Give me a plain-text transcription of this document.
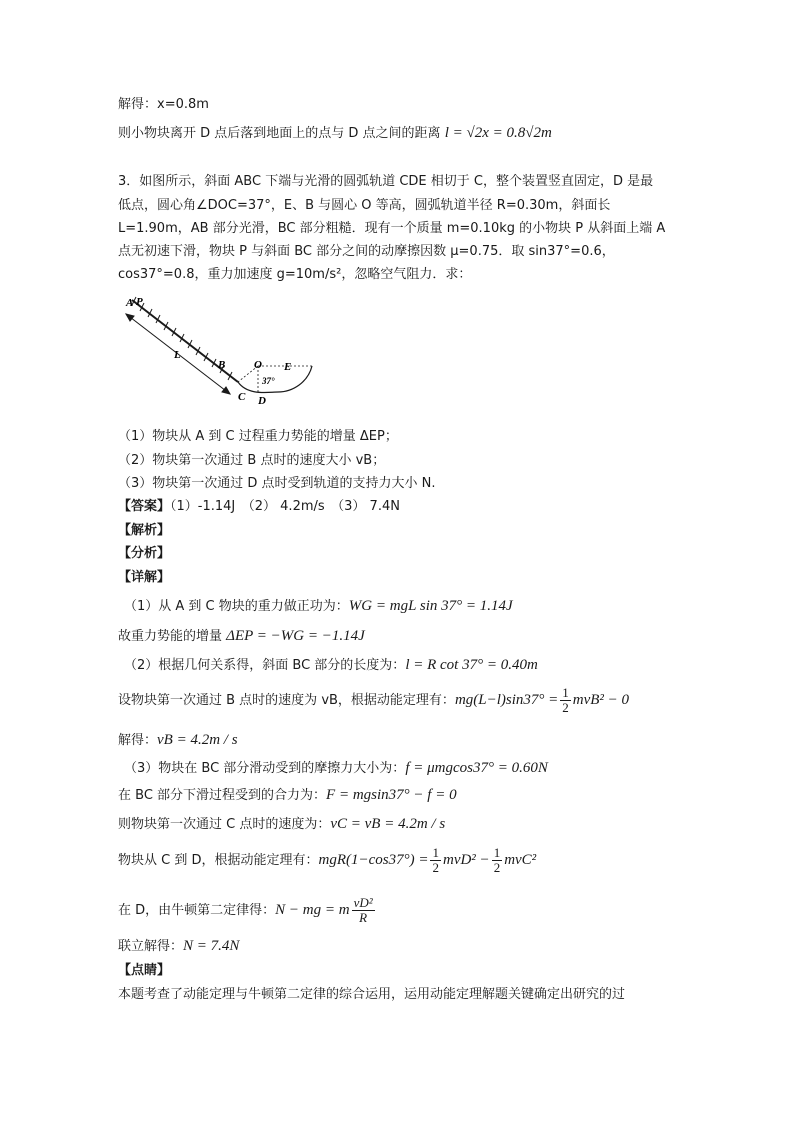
解得：x=0.8m
则小物块离开 D 点后落到地面上的点与 D 点之间的距离 l = √2x = 0.8√2m
3．如图所示，斜面 ABC 下端与光滑的圆弧轨道 CDE 相切于 C，整个装置竖直固定，D 是最
低点，圆心角∠DOC=37°，E、B 与圆心 O 等高，圆弧轨道半径 R=0.30m，斜面长
L=1.90m，AB 部分光滑，BC 部分粗糙．现有一个质量 m=0.10kg 的小物块 P 从斜面上端 A
点无初速下滑，物块 P 与斜面 BC 部分之间的动摩擦因数 μ=0.75．取 sin37°=0.6，
cos37°=0.8，重力加速度 g=10m/s²，忽略空气阻力．求：
A P
L
B	O E
C D
37°
（1）物块从 A 到 C 过程重力势能的增量 ΔEP；
（2）物块第一次通过 B 点时的速度大小 vB；
（3）物块第一次通过 D 点时受到轨道的支持力大小 N.
【答案】（1）-1.14J　（2） 4.2m/s　（3） 7.4N
【解析】
【分析】
【详解】
（1）从 A 到 C 物块的重力做正功为：WG = mgL sin 37° = 1.14J
故重力势能的增量 ΔEP = −WG = −1.14J
（2）根据几何关系得，斜面 BC 部分的长度为：l = R cot 37° = 0.40m
设物块第一次通过 B 点时的速度为 vB，根据动能定理有：$mg(L-l)\sin 37^\circ = \frac{1}{2} mvB^2 - 0$
解得：vB = 4.2m / s
（3）物块在 BC 部分滑动受到的摩擦力大小为：f = μmgcos37° = 0.60N
在 BC 部分下滑过程受到的合力为：F = mgsin37° − f = 0
则物块第一次通过 C 点时的速度为：vC = vB = 4.2m / s
物块从 C 到 D，根据动能定理有：$mgR(1-\cos 37^\circ) = \frac{1}{2} mvD^2 - \frac{1}{2} mvC^2$
在 D，由牛顿第二定律得：N − mg = m $\frac{\text{vD²}}{R}$
联立解得：N = 7.4N
【点睛】
本题考查了动能定理与牛顿第二定律的综合运用，运用动能定理解题关键确定出研究的过
